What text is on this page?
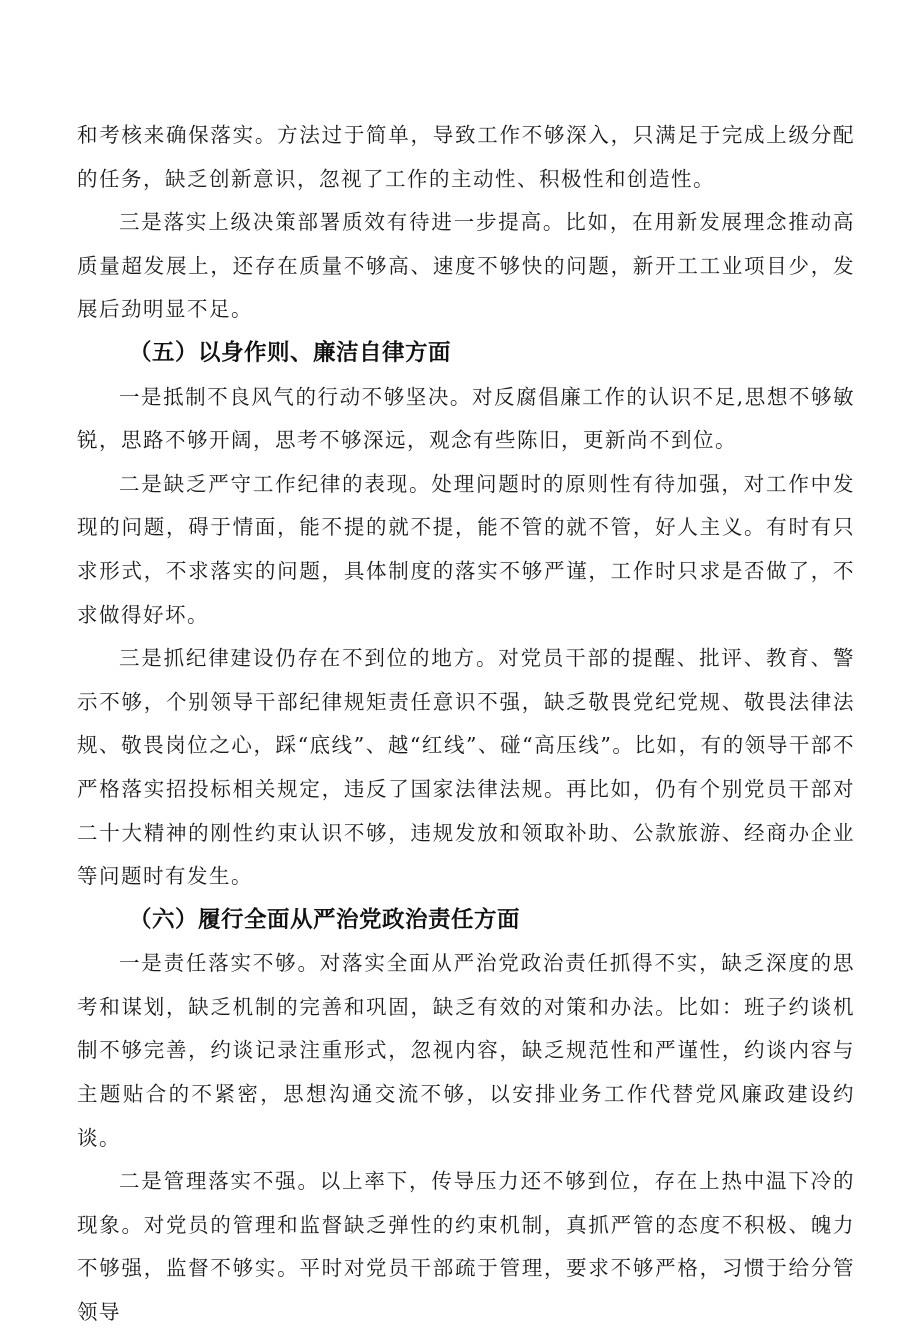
和考核来确保落实。方法过于简单，导致工作不够深入，只满足于完成上级分配的任务，缺乏创新意识，忽视了工作的主动性、积极性和创造性。

三是落实上级决策部署质效有待进一步提高。比如，在用新发展理念推动高质量超发展上，还存在质量不够高、速度不够快的问题，新开工工业项目少，发展后劲明显不足。

（五）以身作则、廉洁自律方面

一是抵制不良风气的行动不够坚决。对反腐倡廉工作的认识不足,思想不够敏锐，思路不够开阔，思考不够深远，观念有些陈旧，更新尚不到位。

二是缺乏严守工作纪律的表现。处理问题时的原则性有待加强，对工作中发现的问题，碍于情面，能不提的就不提，能不管的就不管，好人主义。有时有只求形式，不求落实的问题，具体制度的落实不够严谨，工作时只求是否做了，不求做得好坏。

三是抓纪律建设仍存在不到位的地方。对党员干部的提醒、批评、教育、警示不够，个别领导干部纪律规矩责任意识不强，缺乏敬畏党纪党规、敬畏法律法规、敬畏岗位之心，踩“底线”、越“红线”、碰“高压线”。比如，有的领导干部不严格落实招投标相关规定，违反了国家法律法规。再比如，仍有个别党员干部对二十大精神的刚性约束认识不够，违规发放和领取补助、公款旅游、经商办企业等问题时有发生。

（六）履行全面从严治党政治责任方面

一是责任落实不够。对落实全面从严治党政治责任抓得不实，缺乏深度的思考和谋划，缺乏机制的完善和巩固，缺乏有效的对策和办法。比如：班子约谈机制不够完善，约谈记录注重形式，忽视内容，缺乏规范性和严谨性，约谈内容与主题贴合的不紧密，思想沟通交流不够，以安排业务工作代替党风廉政建设约谈。

二是管理落实不强。以上率下，传导压力还不够到位，存在上热中温下冷的现象。对党员的管理和监督缺乏弹性的约束机制，真抓严管的态度不积极、魄力不够强，监督不够实。平时对党员干部疏于管理，要求不够严格，习惯于给分管领导
